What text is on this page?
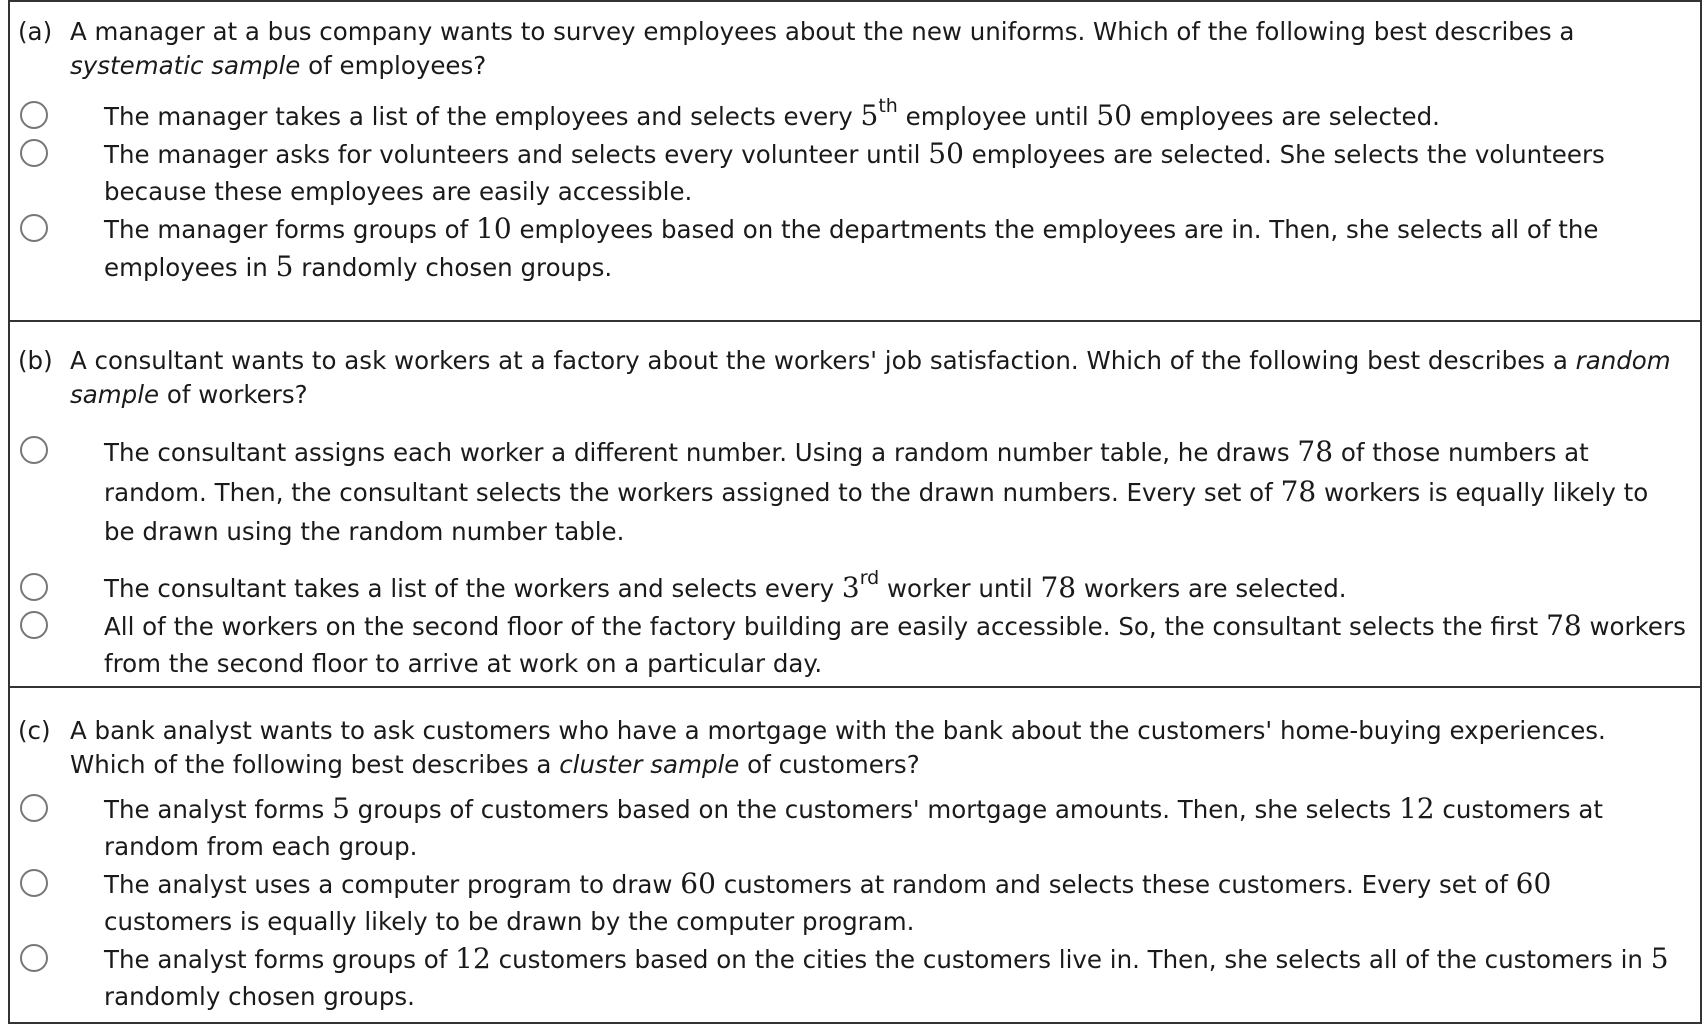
(a) A manager at a bus company wants to survey employees about the new uniforms. Which of the following best describes a systematic sample of employees?
The manager takes a list of the employees and selects every 5th employee until 50 employees are selected.
The manager asks for volunteers and selects every volunteer until 50 employees are selected. She selects the volunteers because these employees are easily accessible.
The manager forms groups of 10 employees based on the departments the employees are in. Then, she selects all of the employees in 5 randomly chosen groups.
(b) A consultant wants to ask workers at a factory about the workers' job satisfaction. Which of the following best describes a random sample of workers?
The consultant assigns each worker a different number. Using a random number table, he draws 78 of those numbers at random. Then, the consultant selects the workers assigned to the drawn numbers. Every set of 78 workers is equally likely to be drawn using the random number table.
The consultant takes a list of the workers and selects every 3rd worker until 78 workers are selected.
All of the workers on the second floor of the factory building are easily accessible. So, the consultant selects the first 78 workers from the second floor to arrive at work on a particular day.
(c) A bank analyst wants to ask customers who have a mortgage with the bank about the customers' home-buying experiences. Which of the following best describes a cluster sample of customers?
The analyst forms 5 groups of customers based on the customers' mortgage amounts. Then, she selects 12 customers at random from each group.
The analyst uses a computer program to draw 60 customers at random and selects these customers. Every set of 60 customers is equally likely to be drawn by the computer program.
The analyst forms groups of 12 customers based on the cities the customers live in. Then, she selects all of the customers in 5 randomly chosen groups.
